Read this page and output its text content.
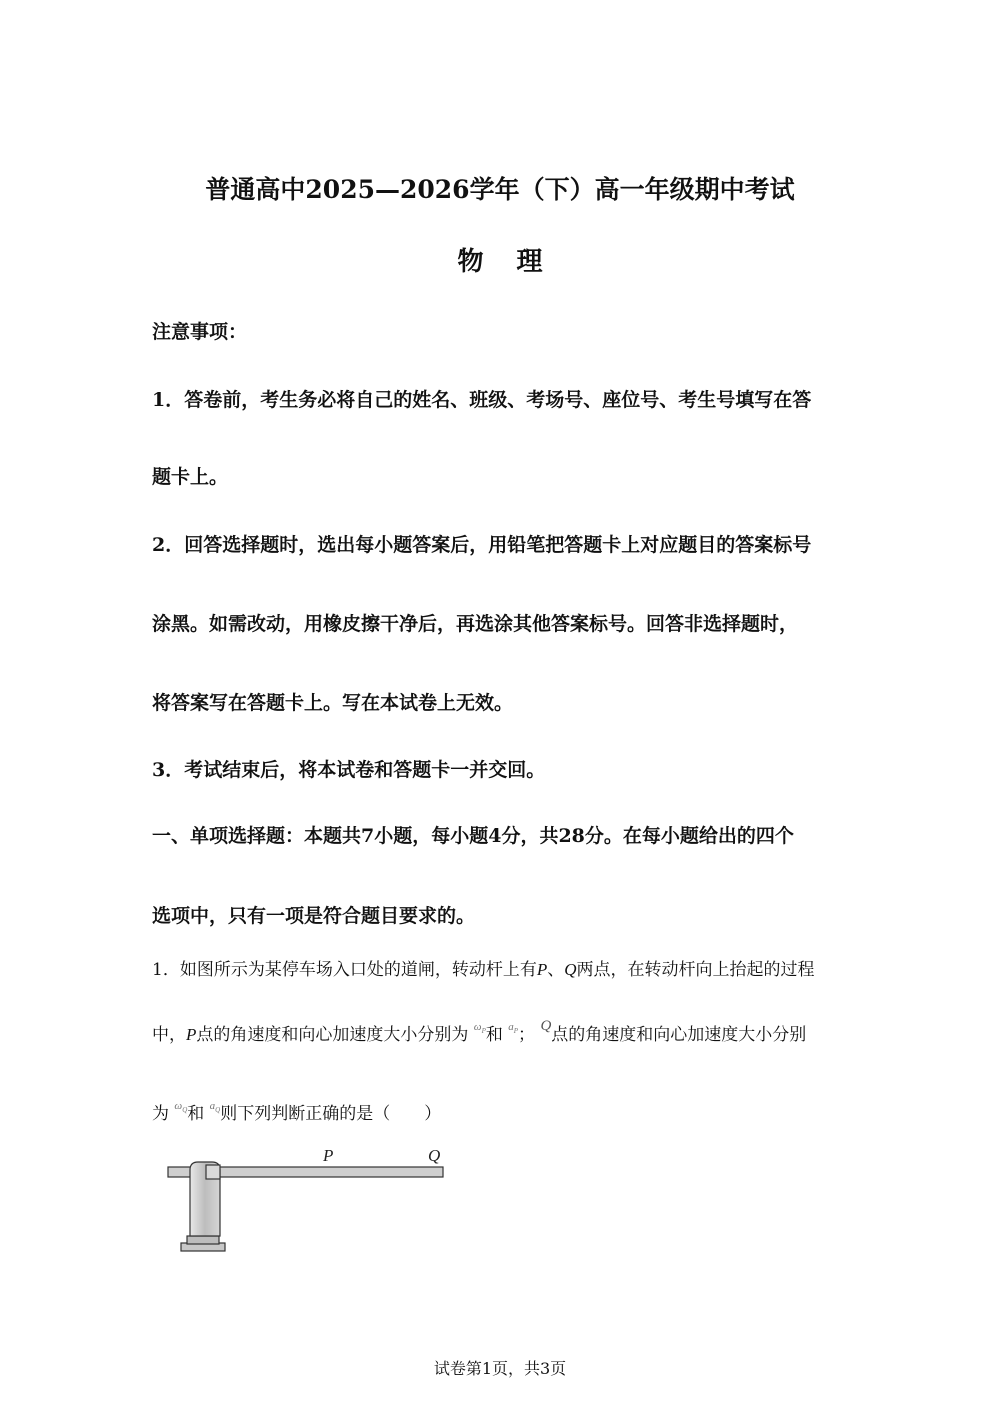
普通高中2025—2026学年（下）高一年级期中考试
物 理
注意事项：
1．答卷前，考生务必将自己的姓名、班级、考场号、座位号、考生号填写在答
题卡上。
2．回答选择题时，选出每小题答案后，用铅笔把答题卡上对应题目的答案标号
涂黑。如需改动，用橡皮擦干净后，再选涂其他答案标号。回答非选择题时，
将答案写在答题卡上。写在本试卷上无效。
3．考试结束后，将本试卷和答题卡一并交回。
一、单项选择题：本题共7小题，每小题4分，共28分。在每小题给出的四个
选项中，只有一项是符合题目要求的。
1．如图所示为某停车场入口处的道闸，转动杆上有P、Q两点，在转动杆向上抬起的过程
中，P点的角速度和向心加速度大小分别为 $^{\omega_P}$和 $^{a_P}$； Q点的角速度和向心加速度大小分别
为 $^{\omega_Q}$和 $^{a_Q}$则下列判断正确的是（　　）
P	Q
试卷第1页，共3页
